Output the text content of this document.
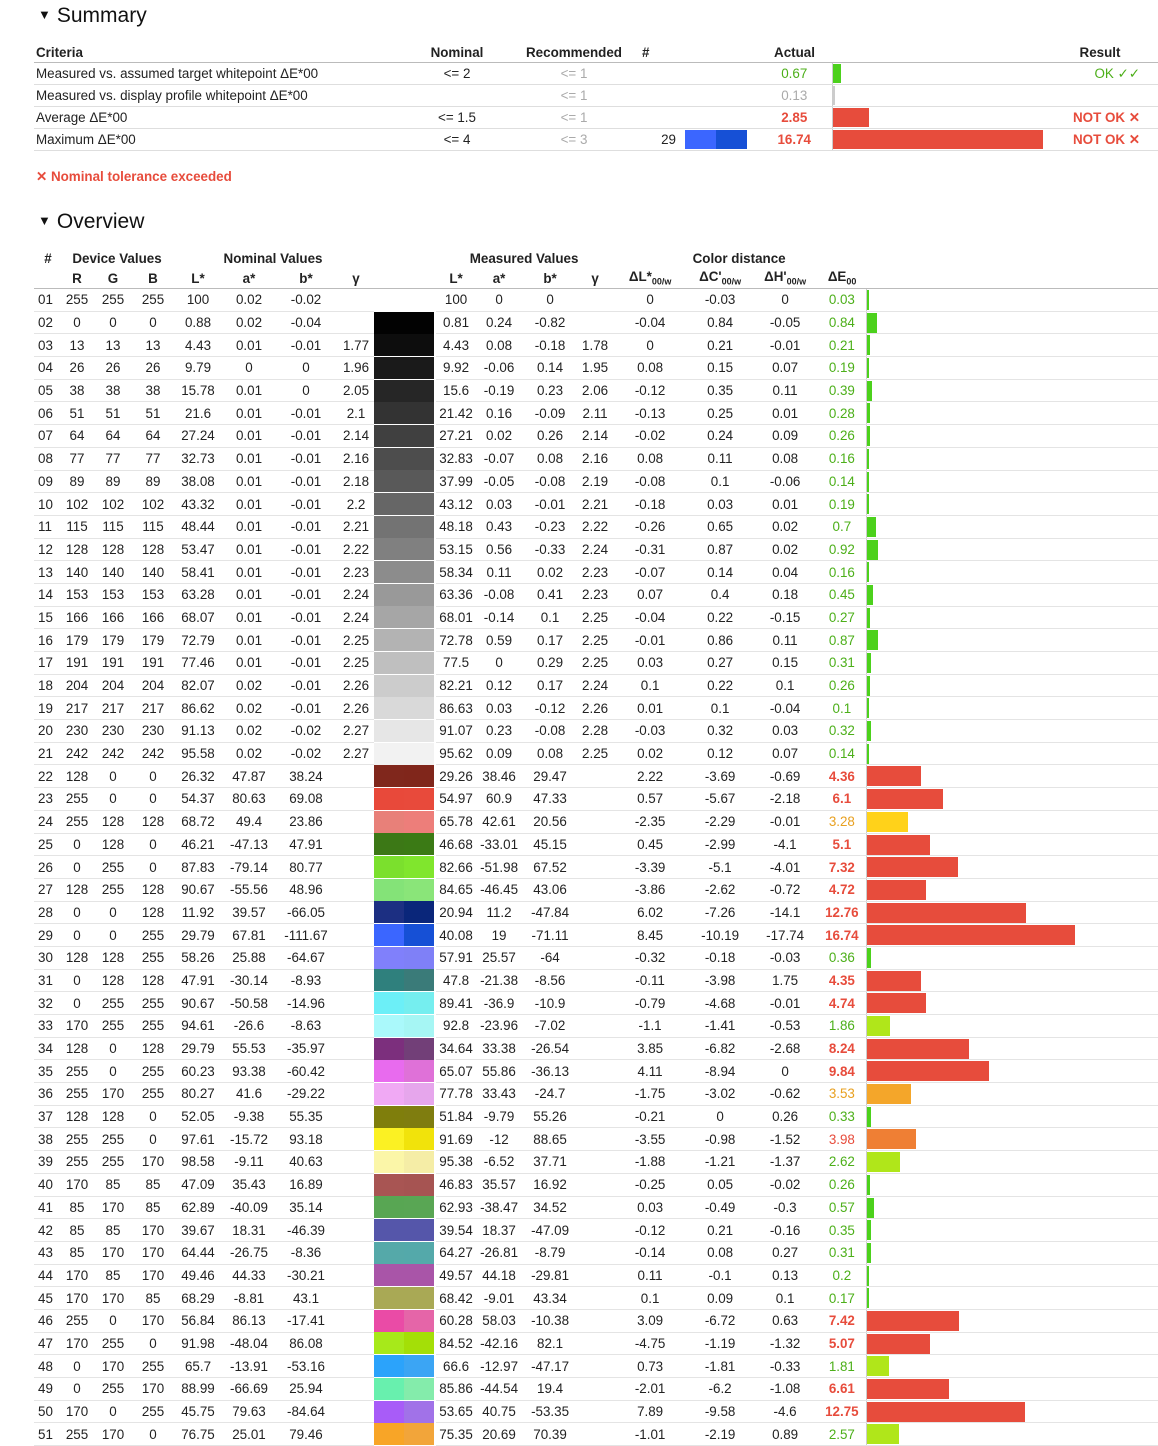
▼ Summary
Criteria	Nominal	Recommended	#		Actual		Result
Measured vs. assumed target whitepoint ΔE*00	<= 2	<= 1			0.67		OK ✓✓
Measured vs. display profile whitepoint ΔE*00		<= 1			0.13	

Average ΔE*00	<= 1.5	<= 1			2.85		NOT OK ✕
Maximum ΔE*00	<= 4	<= 3	29		16.74		NOT OK ✕
✕ Nominal tolerance exceeded
▼ Overview
#	Device Values			Nominal Values					Measured Values				Color distance				
	R	G	B	L*	a*	b*	γ		L*	a*	b*	γ	$\Delta L*_{00/w}$	$\Delta C'_{00/w}$	$\Delta H'_{00/w}$	$\Delta E_{00}$	
01	255	255	255	100	0.02	-0.02			100	0	0		0	-0.03	0	0.03	

02	0	0	0	0.88	0.02	-0.04			0.81	0.24	-0.82		-0.04	0.84	-0.05	0.84	

03	13	13	13	4.43	0.01	-0.01	1.77		4.43	0.08	-0.18	1.78	0	0.21	-0.01	0.21	

04	26	26	26	9.79	0	0	1.96		9.92	-0.06	0.14	1.95	0.08	0.15	0.07	0.19	

05	38	38	38	15.78	0.01	0	2.05		15.6	-0.19	0.23	2.06	-0.12	0.35	0.11	0.39	

06	51	51	51	21.6	0.01	-0.01	2.1		21.42	0.16	-0.09	2.11	-0.13	0.25	0.01	0.28	

07	64	64	64	27.24	0.01	-0.01	2.14		27.21	0.02	0.26	2.14	-0.02	0.24	0.09	0.26	

08	77	77	77	32.73	0.01	-0.01	2.16		32.83	-0.07	0.08	2.16	0.08	0.11	0.08	0.16	

09	89	89	89	38.08	0.01	-0.01	2.18		37.99	-0.05	-0.08	2.19	-0.08	0.1	-0.06	0.14	

10	102	102	102	43.32	0.01	-0.01	2.2		43.12	0.03	-0.01	2.21	-0.18	0.03	0.01	0.19	

11	115	115	115	48.44	0.01	-0.01	2.21		48.18	0.43	-0.23	2.22	-0.26	0.65	0.02	0.7	

12	128	128	128	53.47	0.01	-0.01	2.22		53.15	0.56	-0.33	2.24	-0.31	0.87	0.02	0.92	

13	140	140	140	58.41	0.01	-0.01	2.23		58.34	0.11	0.02	2.23	-0.07	0.14	0.04	0.16	

14	153	153	153	63.28	0.01	-0.01	2.24		63.36	-0.08	0.41	2.23	0.07	0.4	0.18	0.45	

15	166	166	166	68.07	0.01	-0.01	2.24		68.01	-0.14	0.1	2.25	-0.04	0.22	-0.15	0.27	

16	179	179	179	72.79	0.01	-0.01	2.25		72.78	0.59	0.17	2.25	-0.01	0.86	0.11	0.87	

17	191	191	191	77.46	0.01	-0.01	2.25		77.5	0	0.29	2.25	0.03	0.27	0.15	0.31	

18	204	204	204	82.07	0.02	-0.01	2.26		82.21	0.12	0.17	2.24	0.1	0.22	0.1	0.26	

19	217	217	217	86.62	0.02	-0.01	2.26		86.63	0.03	-0.12	2.26	0.01	0.1	-0.04	0.1	

20	230	230	230	91.13	0.02	-0.02	2.27		91.07	0.23	-0.08	2.28	-0.03	0.32	0.03	0.32	

21	242	242	242	95.58	0.02	-0.02	2.27		95.62	0.09	0.08	2.25	0.02	0.12	0.07	0.14	

22	128	0	0	26.32	47.87	38.24			29.26	38.46	29.47		2.22	-3.69	-0.69	4.36	

23	255	0	0	54.37	80.63	69.08			54.97	60.9	47.33		0.57	-5.67	-2.18	6.1	

24	255	128	128	68.72	49.4	23.86			65.78	42.61	20.56		-2.35	-2.29	-0.01	3.28	

25	0	128	0	46.21	-47.13	47.91			46.68	-33.01	45.15		0.45	-2.99	-4.1	5.1	

26	0	255	0	87.83	-79.14	80.77			82.66	-51.98	67.52		-3.39	-5.1	-4.01	7.32	

27	128	255	128	90.67	-55.56	48.96			84.65	-46.45	43.06		-3.86	-2.62	-0.72	4.72	

28	0	0	128	11.92	39.57	-66.05			20.94	11.2	-47.84		6.02	-7.26	-14.1	12.76	

29	0	0	255	29.79	67.81	-111.67			40.08	19	-71.11		8.45	-10.19	-17.74	16.74	

30	128	128	255	58.26	25.88	-64.67			57.91	25.57	-64		-0.32	-0.18	-0.03	0.36	

31	0	128	128	47.91	-30.14	-8.93			47.8	-21.38	-8.56		-0.11	-3.98	1.75	4.35	

32	0	255	255	90.67	-50.58	-14.96			89.41	-36.9	-10.9		-0.79	-4.68	-0.01	4.74	

33	170	255	255	94.61	-26.6	-8.63			92.8	-23.96	-7.02		-1.1	-1.41	-0.53	1.86	

34	128	0	128	29.79	55.53	-35.97			34.64	33.38	-26.54		3.85	-6.82	-2.68	8.24	

35	255	0	255	60.23	93.38	-60.42			65.07	55.86	-36.13		4.11	-8.94	0	9.84	

36	255	170	255	80.27	41.6	-29.22			77.78	33.43	-24.7		-1.75	-3.02	-0.62	3.53	

37	128	128	0	52.05	-9.38	55.35			51.84	-9.79	55.26		-0.21	0	0.26	0.33	

38	255	255	0	97.61	-15.72	93.18			91.69	-12	88.65		-3.55	-0.98	-1.52	3.98	

39	255	255	170	98.58	-9.11	40.63			95.38	-6.52	37.71		-1.88	-1.21	-1.37	2.62	

40	170	85	85	47.09	35.43	16.89			46.83	35.57	16.92		-0.25	0.05	-0.02	0.26	

41	85	170	85	62.89	-40.09	35.14			62.93	-38.47	34.52		0.03	-0.49	-0.3	0.57	

42	85	85	170	39.67	18.31	-46.39			39.54	18.37	-47.09		-0.12	0.21	-0.16	0.35	

43	85	170	170	64.44	-26.75	-8.36			64.27	-26.81	-8.79		-0.14	0.08	0.27	0.31	

44	170	85	170	49.46	44.33	-30.21			49.57	44.18	-29.81		0.11	-0.1	0.13	0.2	

45	170	170	85	68.29	-8.81	43.1			68.42	-9.01	43.34		0.1	0.09	0.1	0.17	

46	255	0	170	56.84	86.13	-17.41			60.28	58.03	-10.38		3.09	-6.72	0.63	7.42	

47	170	255	0	91.98	-48.04	86.08			84.52	-42.16	82.1		-4.75	-1.19	-1.32	5.07	

48	0	170	255	65.7	-13.91	-53.16			66.6	-12.97	-47.17		0.73	-1.81	-0.33	1.81	

49	0	255	170	88.99	-66.69	25.94			85.86	-44.54	19.4		-2.01	-6.2	-1.08	6.61	

50	170	0	255	45.75	79.63	-84.64			53.65	40.75	-53.35		7.89	-9.58	-4.6	12.75	

51	255	170	0	76.75	25.01	79.46			75.35	20.69	70.39		-1.01	-2.19	0.89	2.57	
